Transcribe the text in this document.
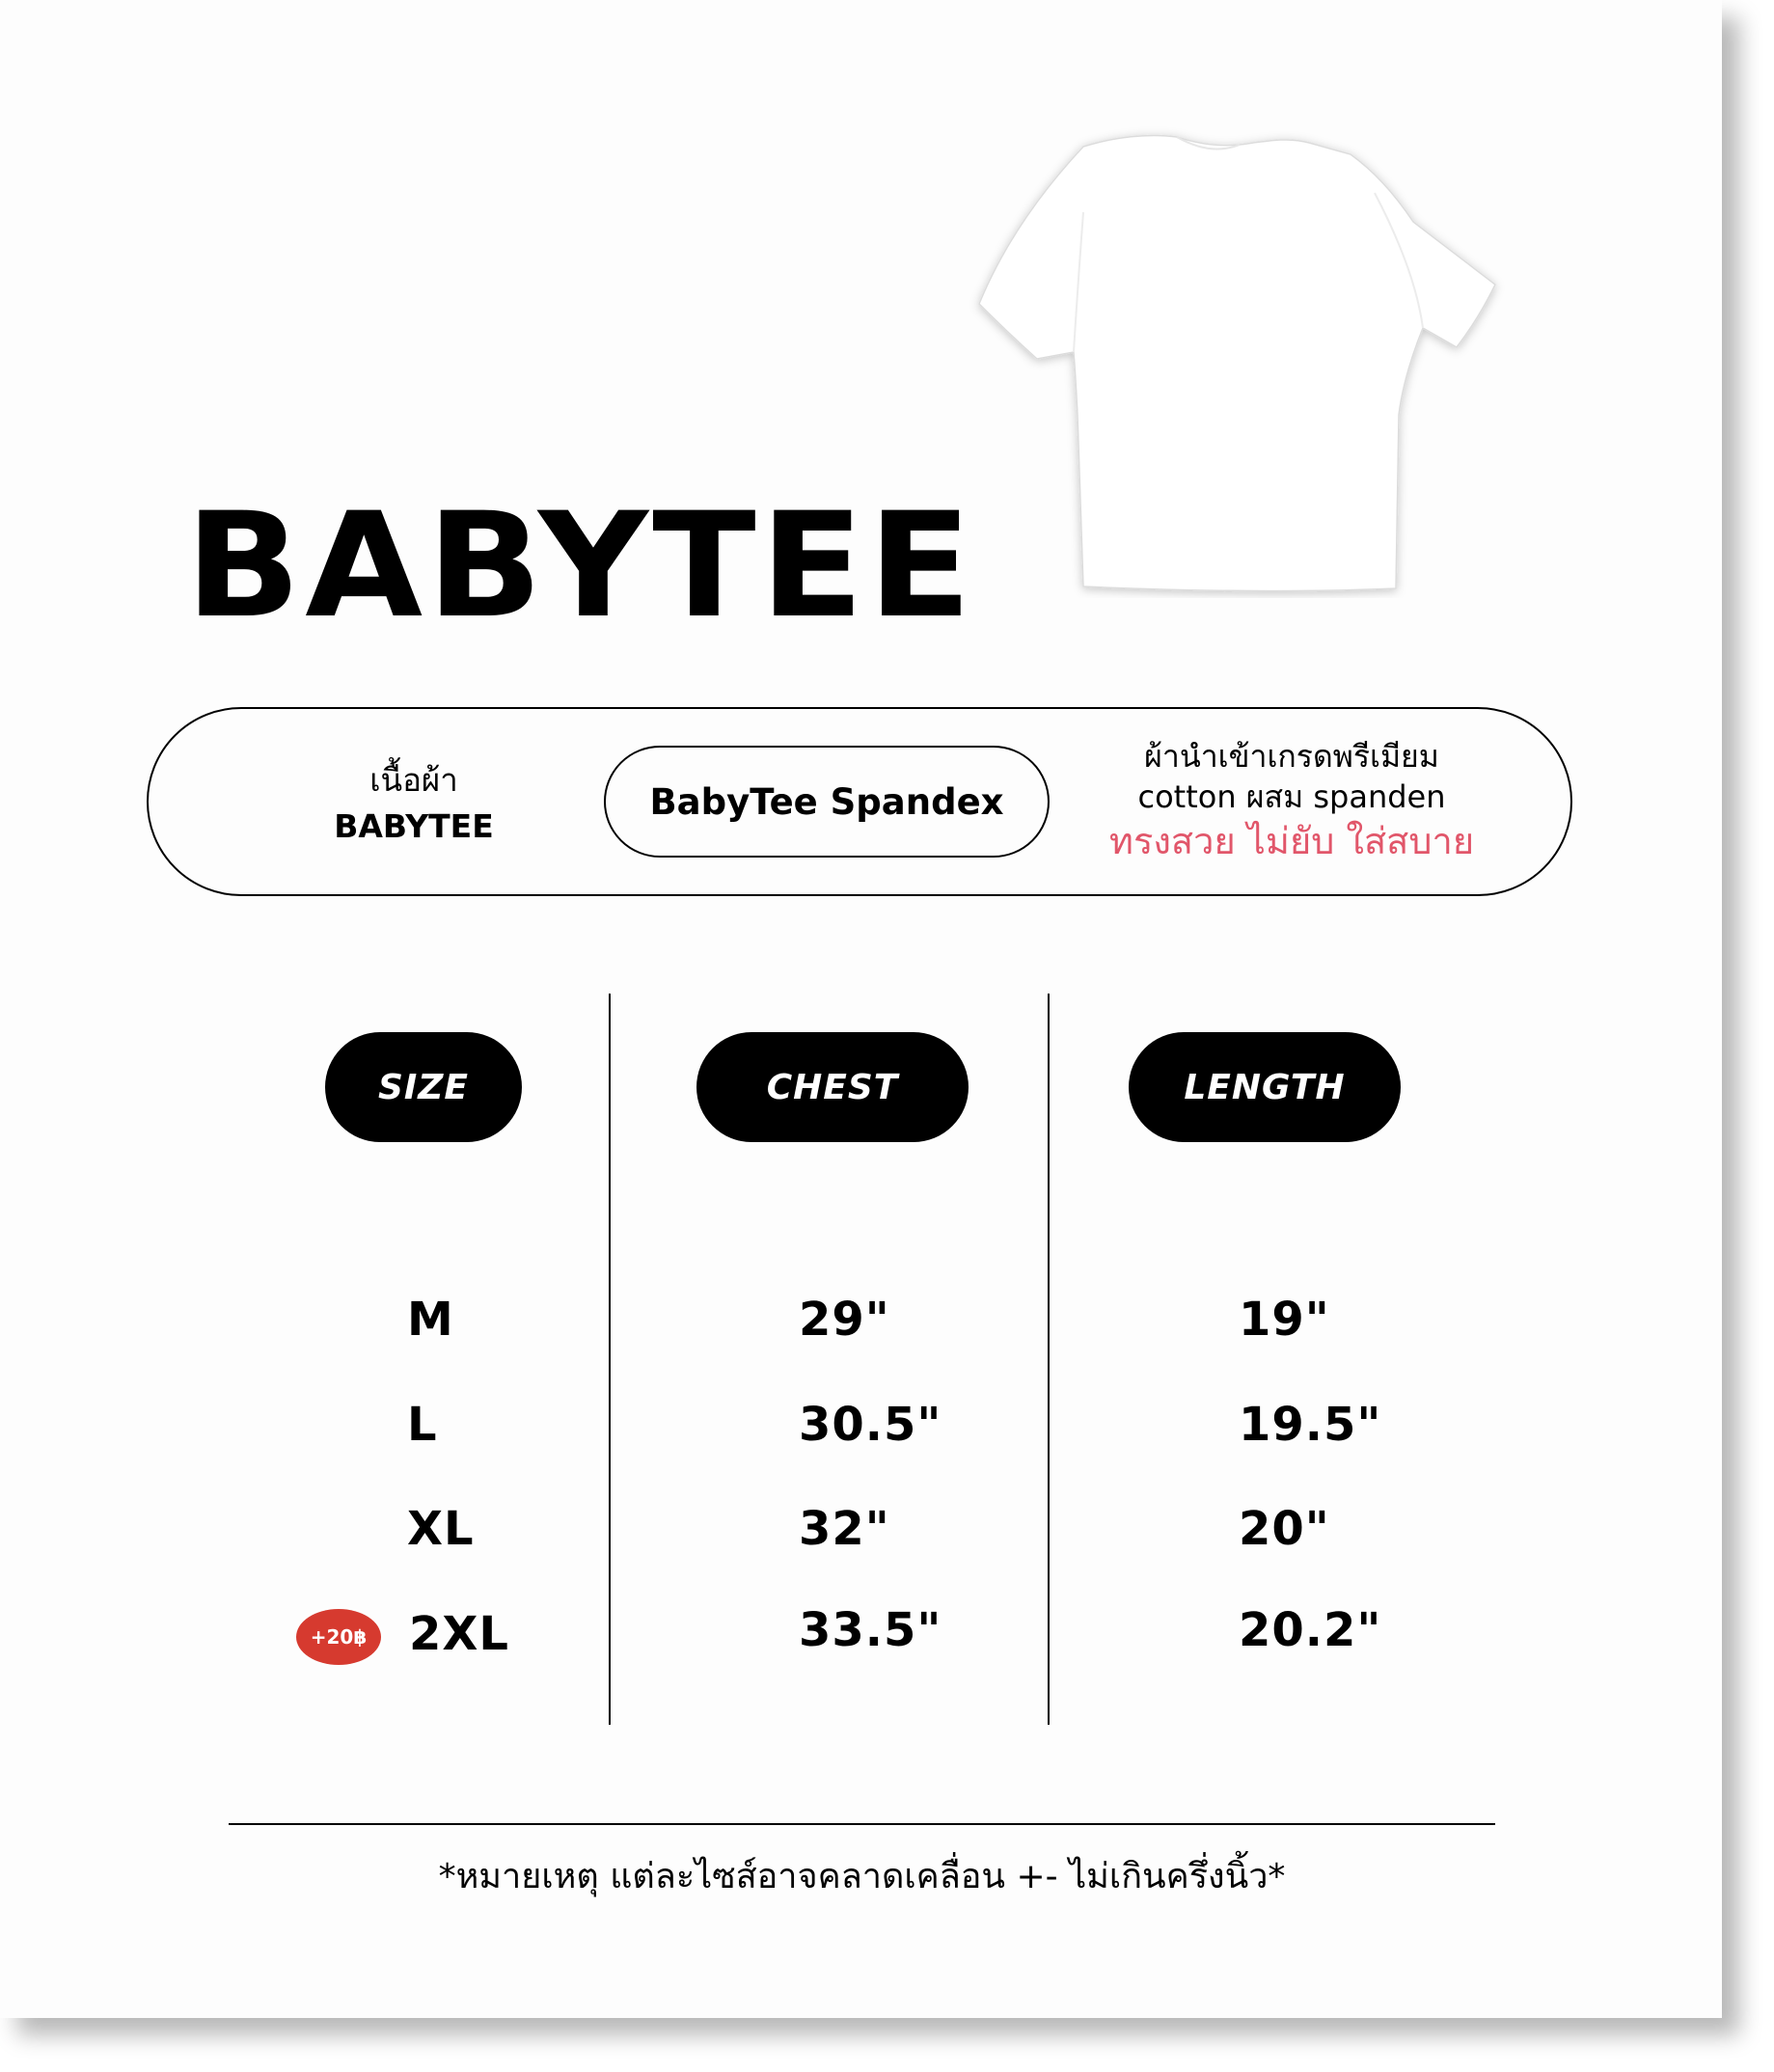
BABYTEE
เนื้อผ้า
BABYTEE
BabyTee Spandex
ผ้านำเข้าเกรดพรีเมียม
cotton ผสม spanden
ทรงสวย ไม่ยับ ใส่สบาย
SIZE	CHEST	LENGTH
M	29"	19"
L	30.5"	19.5"
XL	32"	20"
+20฿ 2XL	33.5"	20.2"
*หมายเหตุ แต่ละไซส์อาจคลาดเคลื่อน +- ไม่เกินครึ่งนิ้ว*
